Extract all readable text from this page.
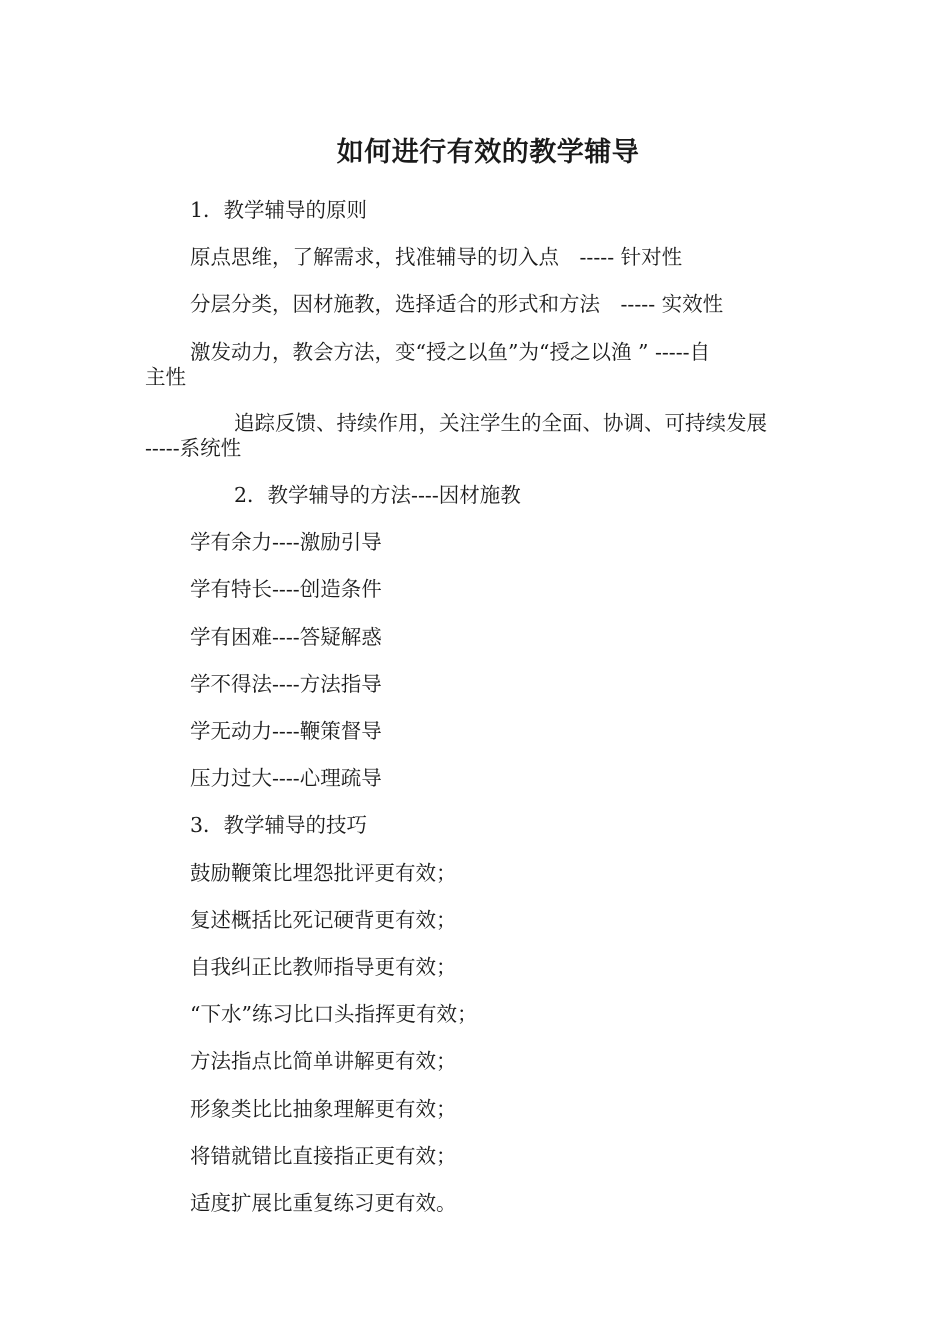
如何进行有效的教学辅导
1．教学辅导的原则
原点思维，了解需求，找准辅导的切入点　----- 针对性
分层分类，因材施教，选择适合的形式和方法　----- 实效性
激发动力，教会方法，变“授之以鱼”为“授之以渔 ” -----自
主性
追踪反馈、持续作用，关注学生的全面、协调、可持续发展
-----系统性
2．教学辅导的方法----因材施教
学有余力----激励引导
学有特长----创造条件
学有困难----答疑解惑
学不得法----方法指导
学无动力----鞭策督导
压力过大----心理疏导
3．教学辅导的技巧
鼓励鞭策比埋怨批评更有效；
复述概括比死记硬背更有效；
自我纠正比教师指导更有效；
“下水”练习比口头指挥更有效；
方法指点比简单讲解更有效；
形象类比比抽象理解更有效；
将错就错比直接指正更有效；
适度扩展比重复练习更有效。
